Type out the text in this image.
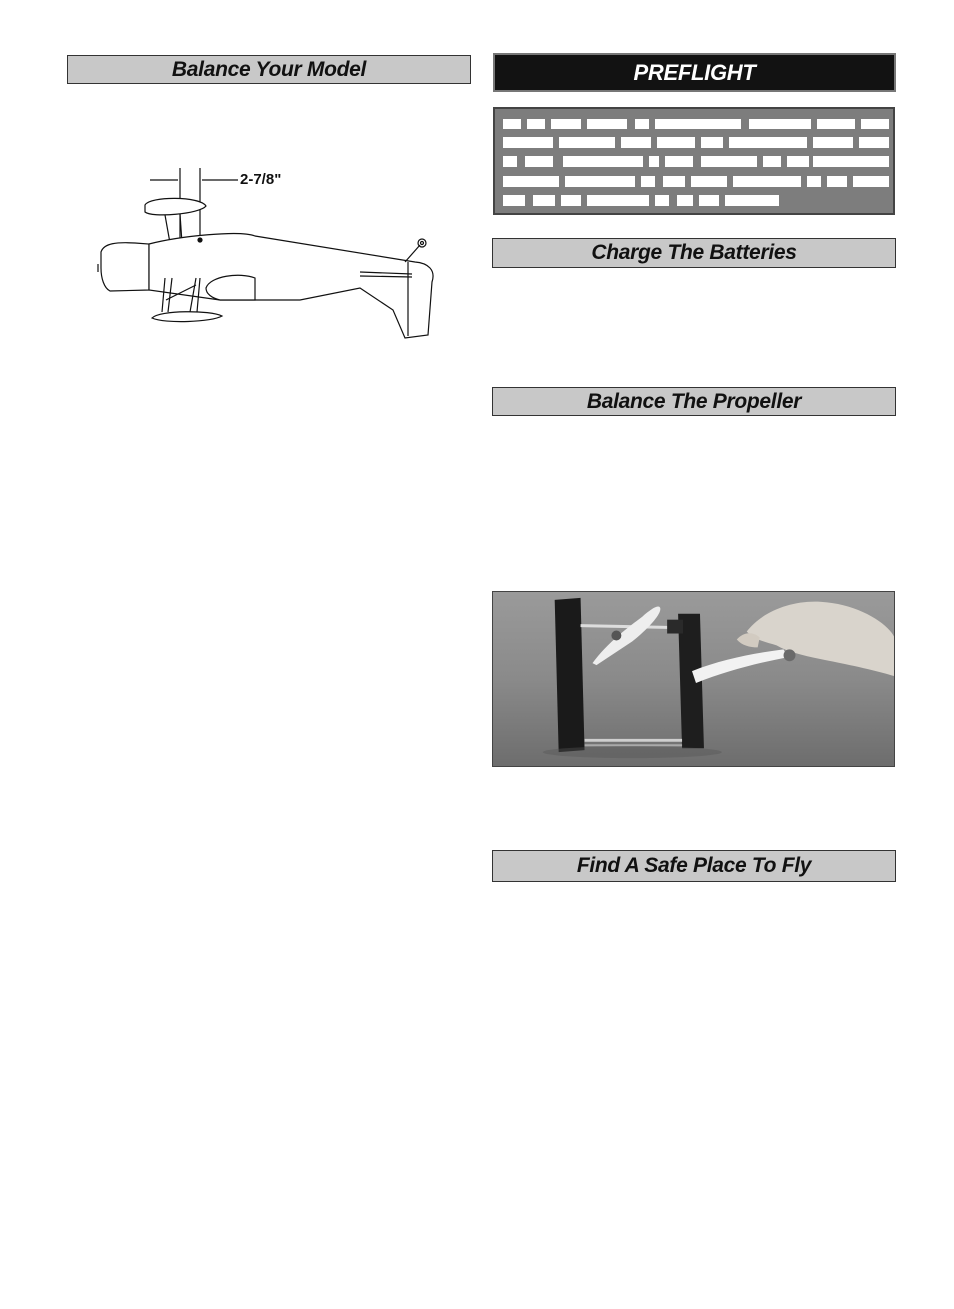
Balance Your Model
2-7/8"
PREFLIGHT
Charge The Batteries
Balance The Propeller
Find A Safe Place To Fly
